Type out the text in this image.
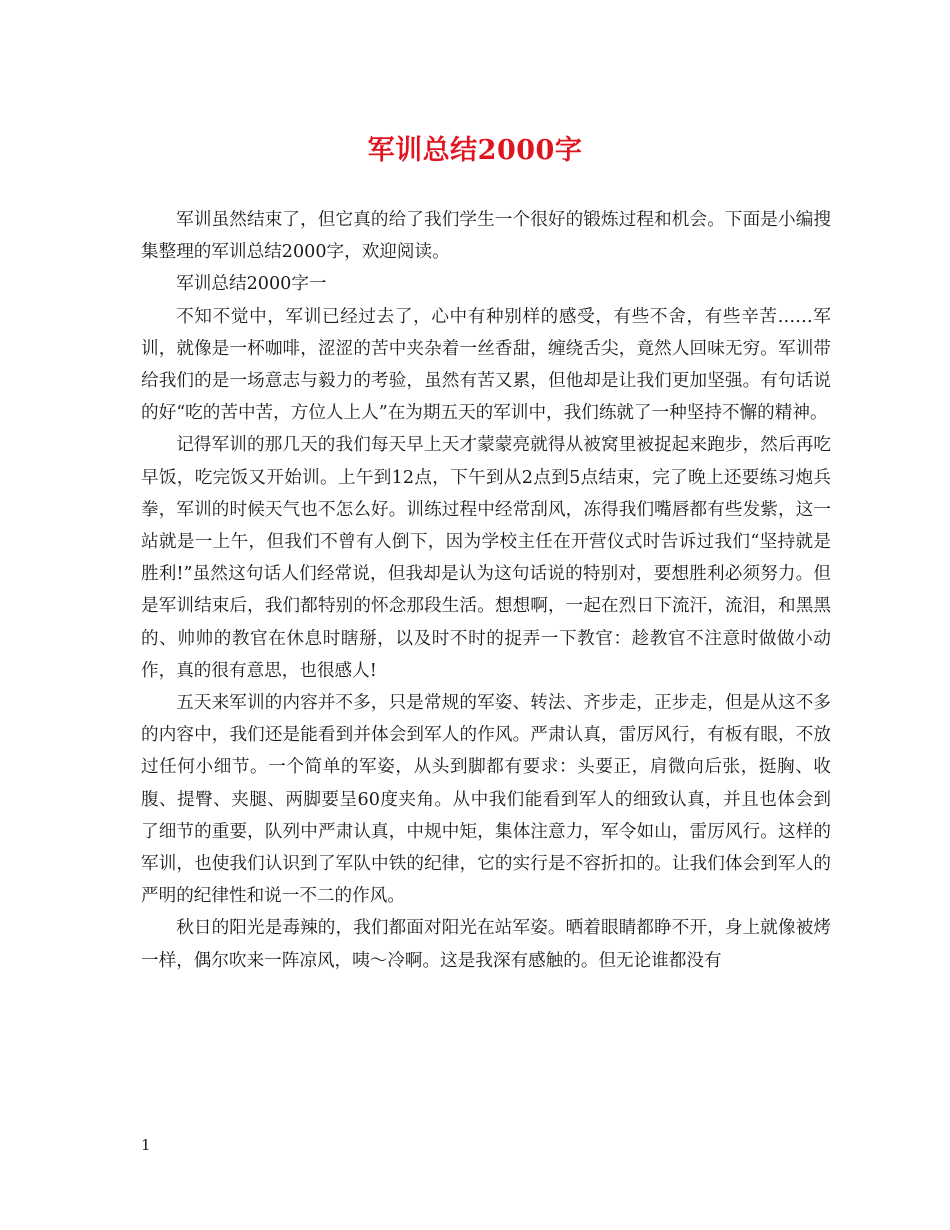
军训总结2000字

军训虽然结束了，但它真的给了我们学生一个很好的锻炼过程和机会。下面是小编搜集整理的军训总结2000字，欢迎阅读。

军训总结2000字一

不知不觉中，军训已经过去了，心中有种别样的感受，有些不舍，有些辛苦……军训，就像是一杯咖啡，涩涩的苦中夹杂着一丝香甜，缠绕舌尖，竟然人回味无穷。军训带给我们的是一场意志与毅力的考验，虽然有苦又累，但他却是让我们更加坚强。有句话说的好“吃的苦中苦，方位人上人”在为期五天的军训中，我们练就了一种坚持不懈的精神。

记得军训的那几天的我们每天早上天才蒙蒙亮就得从被窝里被捉起来跑步，然后再吃早饭，吃完饭又开始训。上午到12点，下午到从2点到5点结束，完了晚上还要练习炮兵拳，军训的时候天气也不怎么好。训练过程中经常刮风，冻得我们嘴唇都有些发紫，这一站就是一上午，但我们不曾有人倒下，因为学校主任在开营仪式时告诉过我们“坚持就是胜利!”虽然这句话人们经常说，但我却是认为这句话说的特别对，要想胜利必须努力。但是军训结束后，我们都特别的怀念那段生活。想想啊，一起在烈日下流汗，流泪，和黑黑的、帅帅的教官在休息时瞎掰，以及时不时的捉弄一下教官：趁教官不注意时做做小动作，真的很有意思，也很感人!

五天来军训的内容并不多，只是常规的军姿、转法、齐步走，正步走，但是从这不多的内容中，我们还是能看到并体会到军人的作风。严肃认真，雷厉风行，有板有眼，不放过任何小细节。一个简单的军姿，从头到脚都有要求：头要正，肩微向后张，挺胸、收腹、提臀、夹腿、两脚要呈60度夹角。从中我们能看到军人的细致认真，并且也体会到了细节的重要，队列中严肃认真，中规中矩，集体注意力，军令如山，雷厉风行。这样的军训，也使我们认识到了军队中铁的纪律，它的实行是不容折扣的。让我们体会到军人的严明的纪律性和说一不二的作风。

秋日的阳光是毒辣的，我们都面对阳光在站军姿。晒着眼睛都睁不开，身上就像被烤一样，偶尔吹来一阵凉风，咦～冷啊。这是我深有感触的。但无论谁都没有

1
